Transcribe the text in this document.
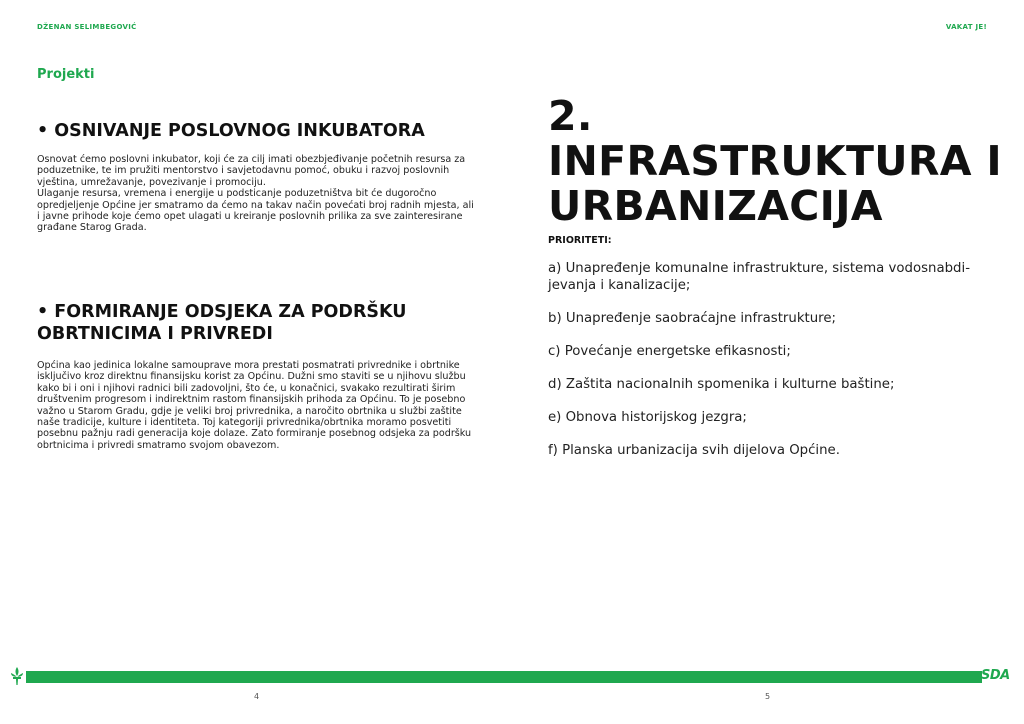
DŽENAN SELIMBEGOVIĆ	VAKAT JE!
Projekti
• OSNIVANJE POSLOVNOG INKUBATORA

Osnovat ćemo poslovni inkubator, koji će za cilj imati obezbjeđivanje početnih resursa za poduzetnike, te im pružiti mentorstvo i savjetodavnu pomoć, obuku i razvoj poslovnih vještina, umrežavanje, povezivanje i promociju.
Ulaganje resursa, vremena i energije u podsticanje poduzetništva bit će dugoročno opredjeljenje Općine jer smatramo da ćemo na takav način povećati broj radnih mjesta, ali i javne prihode koje ćemo opet ulagati u kreiranje poslovnih prilika za sve zainteresirane građane Starog Grada.

• FORMIRANJE ODSJEKA ZA PODRŠKU OBRTNICIMA I PRIVREDI

Općina kao jedinica lokalne samouprave mora prestati posmatrati privrednike i obrtnike isključivo kroz direktnu finansijsku korist za Općinu. Dužni smo staviti se u njihovu službu kako bi i oni i njihovi radnici bili zadovoljni, što će, u konačnici, svakako rezultirati širim društvenim progresom i indirektnim rastom finansijskih prihoda za Općinu. To je posebno važno u Starom Gradu, gdje je veliki broj privrednika, a naročito obrtnika u službi zaštite naše tradicije, kulture i identiteta. Toj kategoriji privrednika/obrtnika moramo posvetiti posebnu pažnju radi generacija koje dolaze. Zato formiranje posebnog odsjeka za podršku obrtnicima i privredi smatramo svojom obavezom.

2. INFRASTRUKTURA I URBANIZACIJA
PRIORITETI:
a) Unapređenje komunalne infrastrukture, sistema vodosnabdi-jevanja i kanalizacije;
b) Unapređenje saobraćajne infrastrukture;
c) Povećanje energetske efikasnosti;
d) Zaštita nacionalnih spomenika i kulturne baštine;
e) Obnova historijskog jezgra;
f) Planska urbanizacija svih dijelova Općine.
SDA
4	5
